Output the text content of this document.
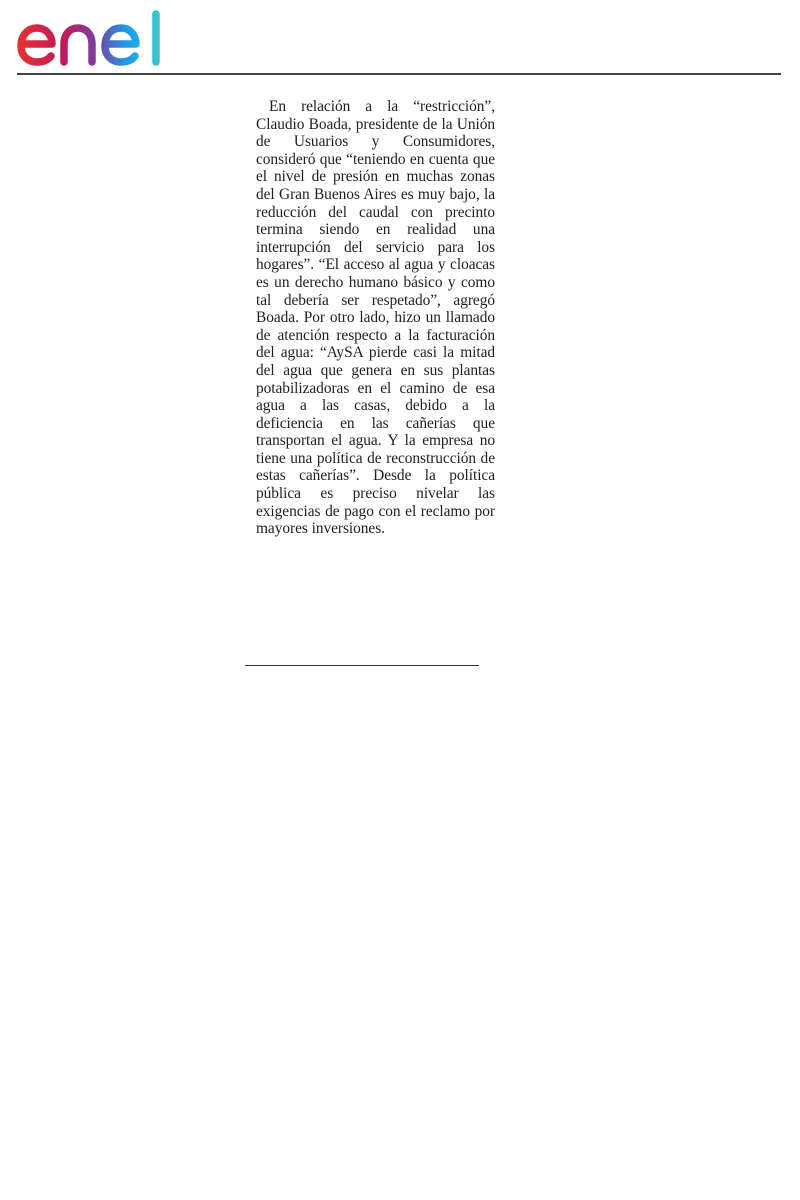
En relación a la “restricción”, Claudio Boada, presidente de la Unión de Usuarios y Consumidores, consideró que “teniendo en cuenta que el nivel de presión en muchas zonas del Gran Buenos Aires es muy bajo, la reducción del caudal con precinto termina siendo en realidad una interrupción del servicio para los hogares”. “El acceso al agua y cloacas es un derecho humano básico y como tal debería ser respetado”, agregó Boada. Por otro lado, hizo un llamado de atención respecto a la facturación del agua: “AySA pierde casi la mitad del agua que genera en sus plantas potabilizadoras en el camino de esa agua a las casas, debido a la deficiencia en las cañerías que transportan el agua. Y la empresa no tiene una política de reconstrucción de estas cañerías”. Desde la política pública es preciso nivelar las exigencias de pago con el reclamo por mayores inversiones.
